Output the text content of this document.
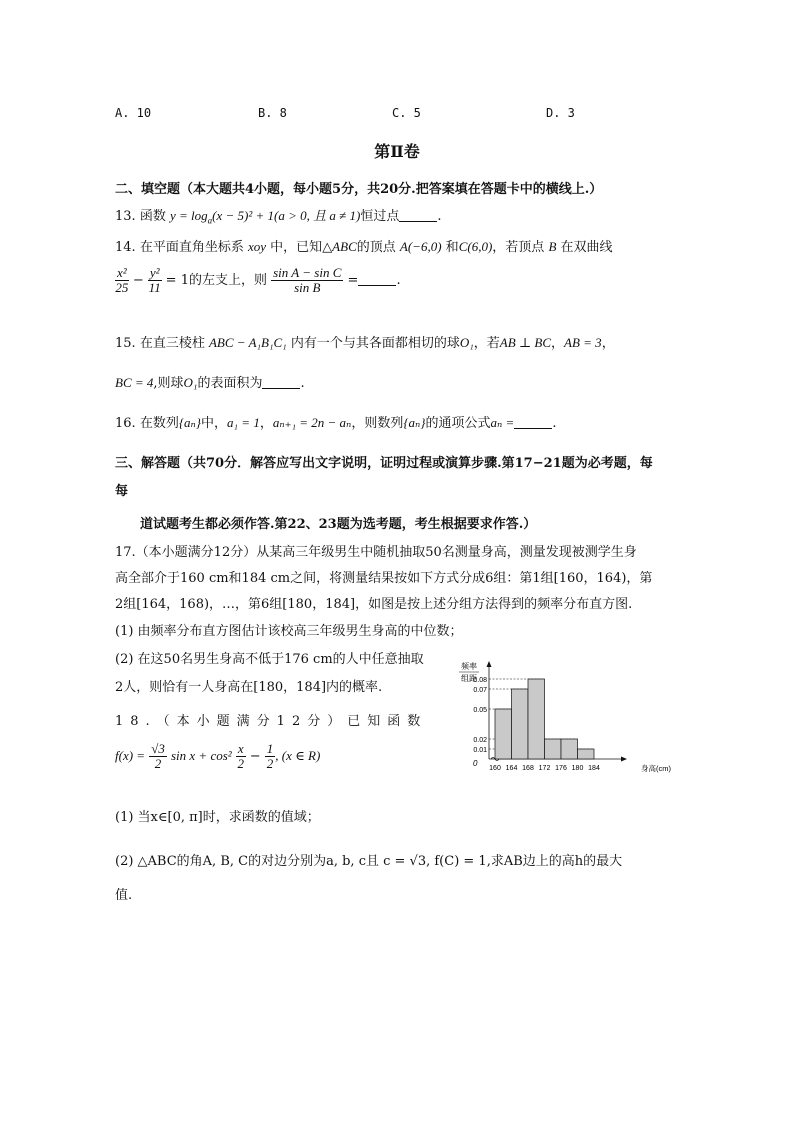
A. 10	B. 8	C. 5	D. 3
第Ⅱ卷
二、填空题（本大题共4小题，每小题5分，共20分.把答案填在答题卡中的横线上.）
13. 函数 $y = \log_a(x - 5)^2 + 1(a > 0$, 且 a ≠ 1)恒过点	.
14. 在平面直角坐标系 xoy 中，已知△ABC的顶点 A(−6,0) 和C(6,0)，若顶点 B 在双曲线
$\frac{\text{x²}}{25} - \frac{\text{y²}}{11} = 1$的左支上，则 $\frac{\text{sin A − sin C}}{\text{sin B}}$ =	.
15. 在直三棱柱 ABC − A₁B₁C₁ 内有一个与其各面都相切的球O₁，若AB ⊥ BC，AB = 3，
BC = 4,则球O₁的表面积为	.
16. 在数列{aₙ}中，a₁ = 1，aₙ₊₁ = 2n − aₙ，则数列{aₙ}的通项公式aₙ =	.
三、解答题（共70分．解答应写出文字说明，证明过程或演算步骤.第17−21题为必考题，每
每
道试题考生都必须作答.第22、23题为选考题，考生根据要求作答.）
17.（本小题满分12分）从某高三年级男生中随机抽取50名测量身高，测量发现被测学生身
高全部介于160 cm和184 cm之间，将测量结果按如下方式分成6组：第1组[160，164)，第
2组[164，168)，…，第6组[180，184]，如图是按上述分组方法得到的频率分布直方图.
(1) 由频率分布直方图估计该校高三年级男生身高的中位数；
(2) 在这50名男生身高不低于176 cm的人中任意抽取
2人，则恰有一人身高在[180，184]内的概率.
18.（本小题满分12分）已知函数
$f(x) = \frac{√3}{2}$ $\sin x + \cos^2 \frac{x}{2} - \frac{1}{2}$ , (x ∈ R)
(1) 当x∈[0, π]时，求函数的值域；
(2) △ABC的角A, B, C的对边分别为a, b, c且 c = √3, f(C) = 1,求AB边上的高h的最大
值.
频率
组距
0.08
0.07
0.05
0.02
0.01
160 164 168 172 176 180 184
0
身高(cm)
